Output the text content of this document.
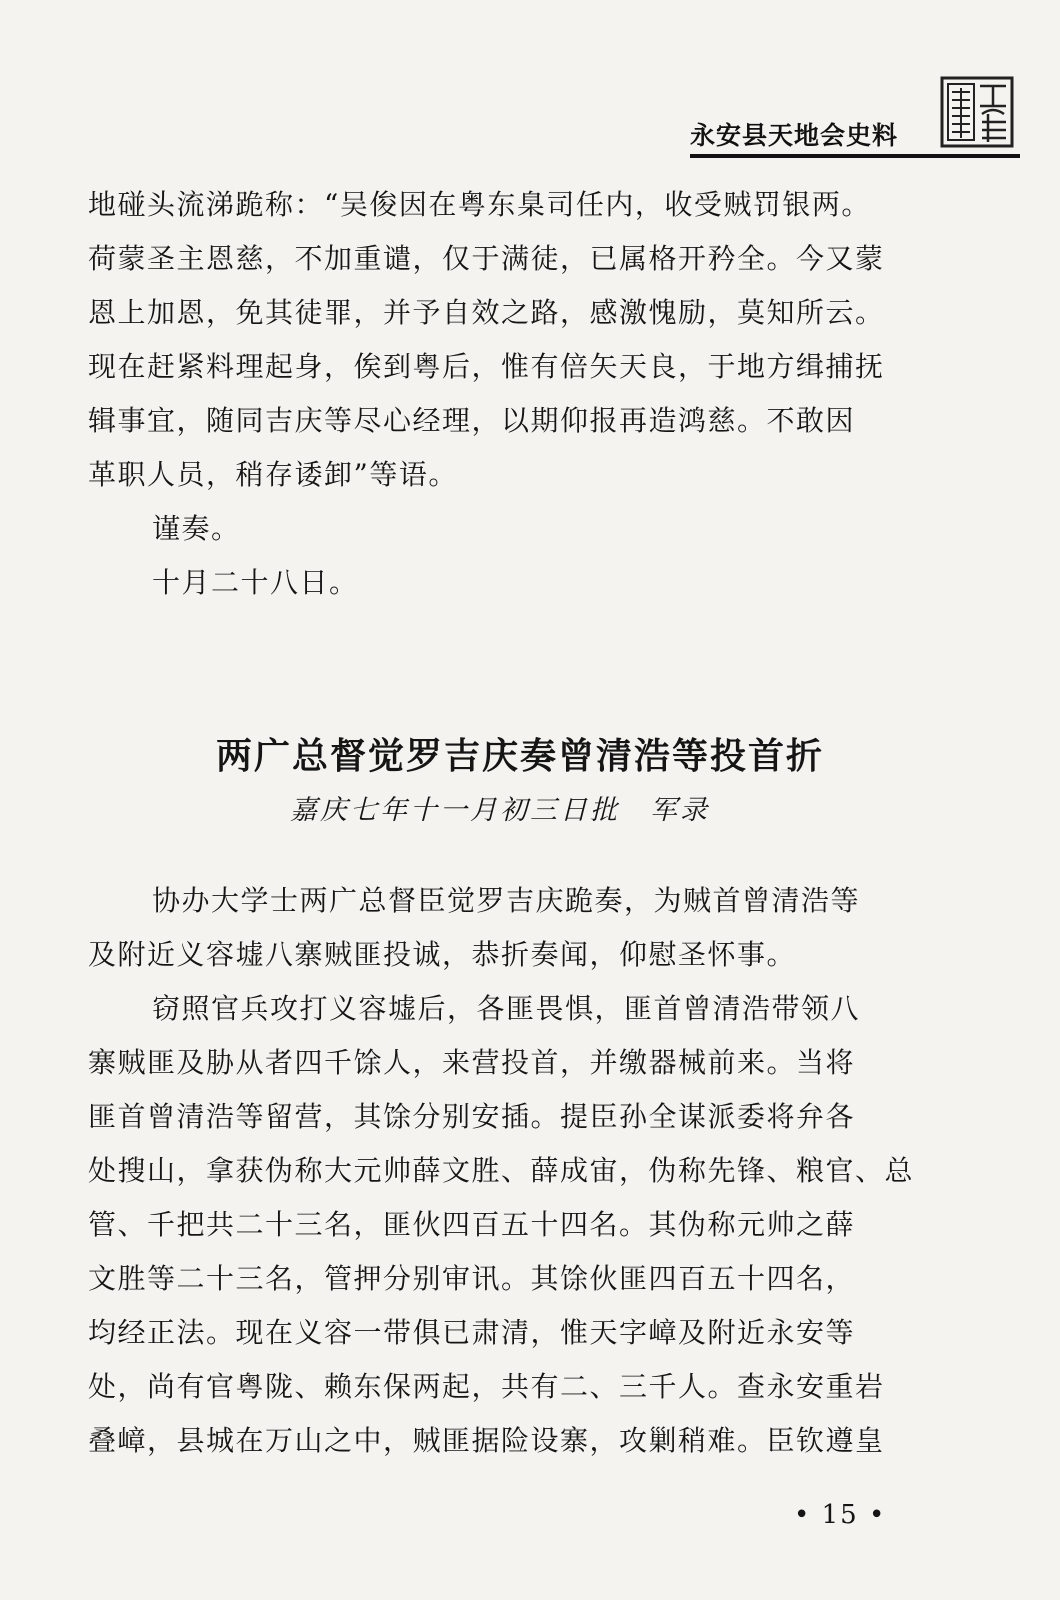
永安县天地会史料
地碰头流涕跪称：“吴俊因在粤东臬司任内，收受贼罚银两。
荷蒙圣主恩慈，不加重谴，仅于满徒，已属格开矜全。今又蒙
恩上加恩，免其徒罪，并予自效之路，感激愧励，莫知所云。
现在赶紧料理起身，俟到粤后，惟有倍矢天良，于地方缉捕抚
辑事宜，随同吉庆等尽心经理，以期仰报再造鸿慈。不敢因
革职人员，稍存诿卸”等语。
谨奏。
十月二十八日。
两广总督觉罗吉庆奏曾清浩等投首折
嘉庆七年十一月初三日批　军录
协办大学士两广总督臣觉罗吉庆跪奏，为贼首曾清浩等
及附近义容墟八寨贼匪投诚，恭折奏闻，仰慰圣怀事。
窃照官兵攻打义容墟后，各匪畏惧，匪首曾清浩带领八
寨贼匪及胁从者四千馀人，来营投首，并缴器械前来。当将
匪首曾清浩等留营，其馀分别安插。提臣孙全谋派委将弁各
处搜山，拿获伪称大元帅薛文胜、薛成宙，伪称先锋、粮官、总
管、千把共二十三名，匪伙四百五十四名。其伪称元帅之薛
文胜等二十三名，管押分别审讯。其馀伙匪四百五十四名，
均经正法。现在义容一带俱已肃清，惟天字嶂及附近永安等
处，尚有官粤陇、赖东保两起，共有二、三千人。查永安重岩
叠嶂，县城在万山之中，贼匪据险设寨，攻剿稍难。臣钦遵皇
• 15 •
